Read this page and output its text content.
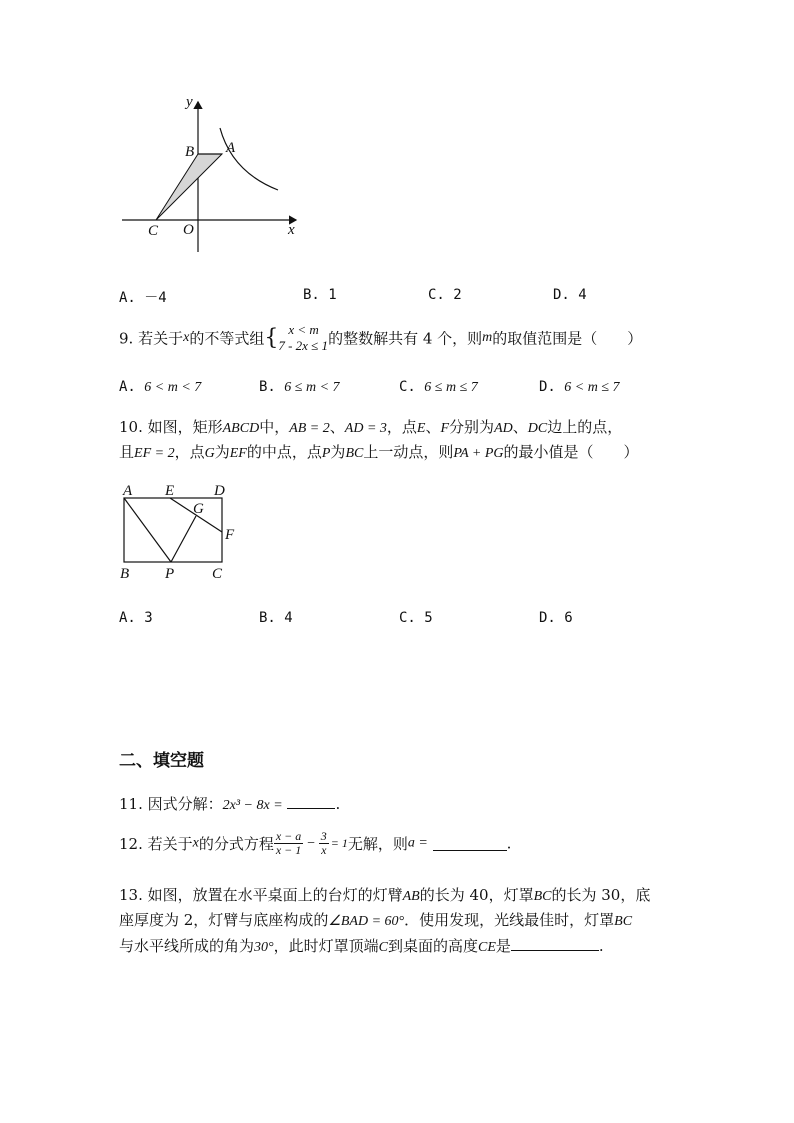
y
x
O
A
B
C
A. －4	B. 1	C. 2	D. 4
9. 若关于x的不等式组{ x < m
7 - 2x ≤ 1 的整数解共有 4 个，则m的取值范围是（　　）
A. 6 < m < 7	B. 6 ≤ m < 7	C. 6 ≤ m ≤ 7	D. 6 < m ≤ 7
10. 如图，矩形ABCD中，AB = 2、AD = 3，点E、F分别为AD、DC边上的点，
且EF = 2，点G为EF的中点，点P为BC上一动点，则PA + PG的最小值是（　　）
A E	D
G
F
B P	C
A. 3	B. 4	C. 5	D. 6
二、填空题
11. 因式分解：2x³ − 8x =	.
12. 若关于x的分式方程 $\frac{x - a}{x - 1} - \frac{3}{x} = 1$无解，则a =	.
13. 如图，放置在水平桌面上的台灯的灯臂AB的长为 40，灯罩BC的长为 30，底
座厚度为 2，灯臂与底座构成的∠BAD = 60°．使用发现，光线最佳时，灯罩BC
与水平线所成的角为30°，此时灯罩顶端C到桌面的高度CE是	.
